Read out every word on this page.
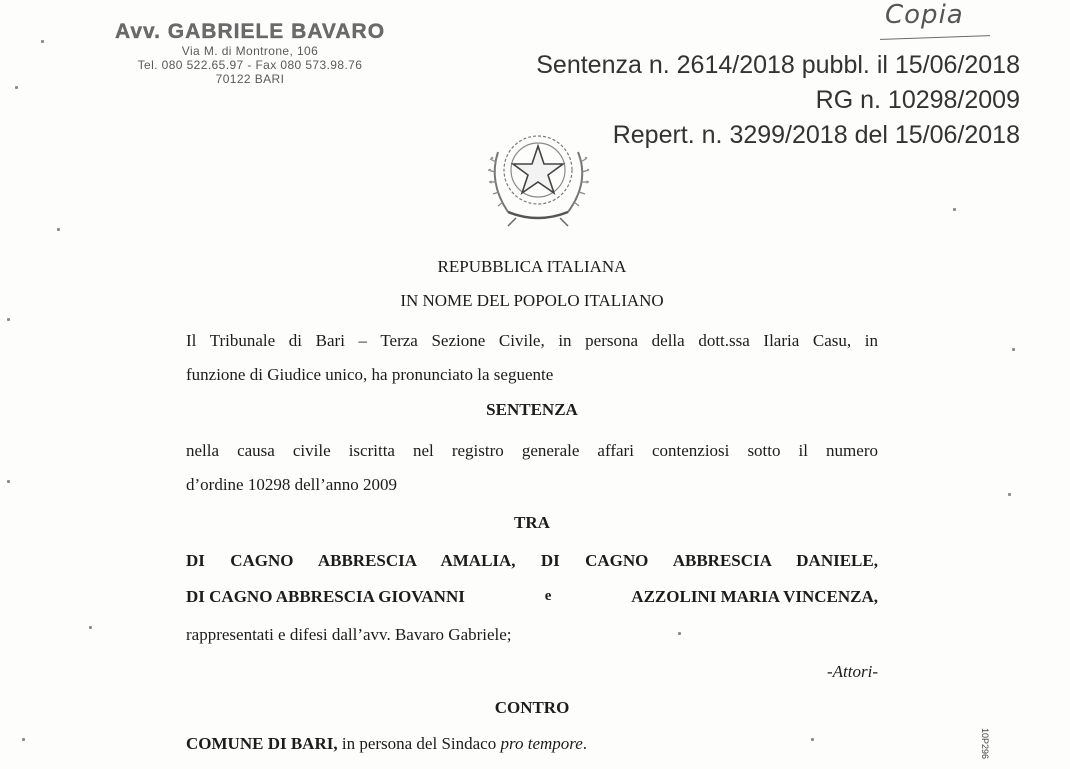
Avv. GABRIELE BAVARO
Via M. di Montrone, 106
Tel. 080 522.65.97 - Fax 080 573.98.76
70122 BARI
Copia
Sentenza n. 2614/2018 pubbl. il 15/06/2018
RG n. 10298/2009
Repert. n. 3299/2018 del 15/06/2018
REPUBBLICA ITALIANA
IN NOME DEL POPOLO ITALIANO
Il Tribunale di Bari – Terza Sezione Civile, in persona della dott.ssa Ilaria Casu, in
funzione di Giudice unico, ha pronunciato la seguente
SENTENZA
nella causa civile iscritta nel registro generale affari contenziosi sotto il numero
d’ordine 10298 dell’anno 2009
TRA
DI CAGNO ABBRESCIA AMALIA, DI CAGNO ABBRESCIA DANIELE,
DI CAGNO ABBRESCIA GIOVANNI	e	AZZOLINI MARIA VINCENZA,
rappresentati e difesi dall’avv. Bavaro Gabriele;
-Attori-
CONTRO
COMUNE DI BARI, in persona del Sindaco pro tempore.	10P296
